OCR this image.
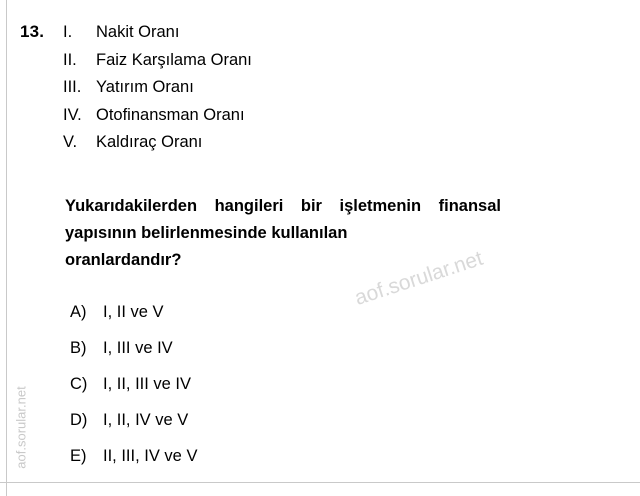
13. I.	Nakit Oranı
II.	Faiz Karşılama Oranı
III. Yatırım Oranı
IV. Otofinansman Oranı
V.	Kaldıraç Oranı
Yukarıdakilerden hangileri bir işletmenin finansal yapısının belirlenmesinde kullanılan
oranlardandır?
A)	I, II ve V
B)	I, III ve IV
C) I, II, III ve IV
D) I, II, IV ve V
E)	II, III, IV ve V
aof.sorular.net
aof.sorular.net
